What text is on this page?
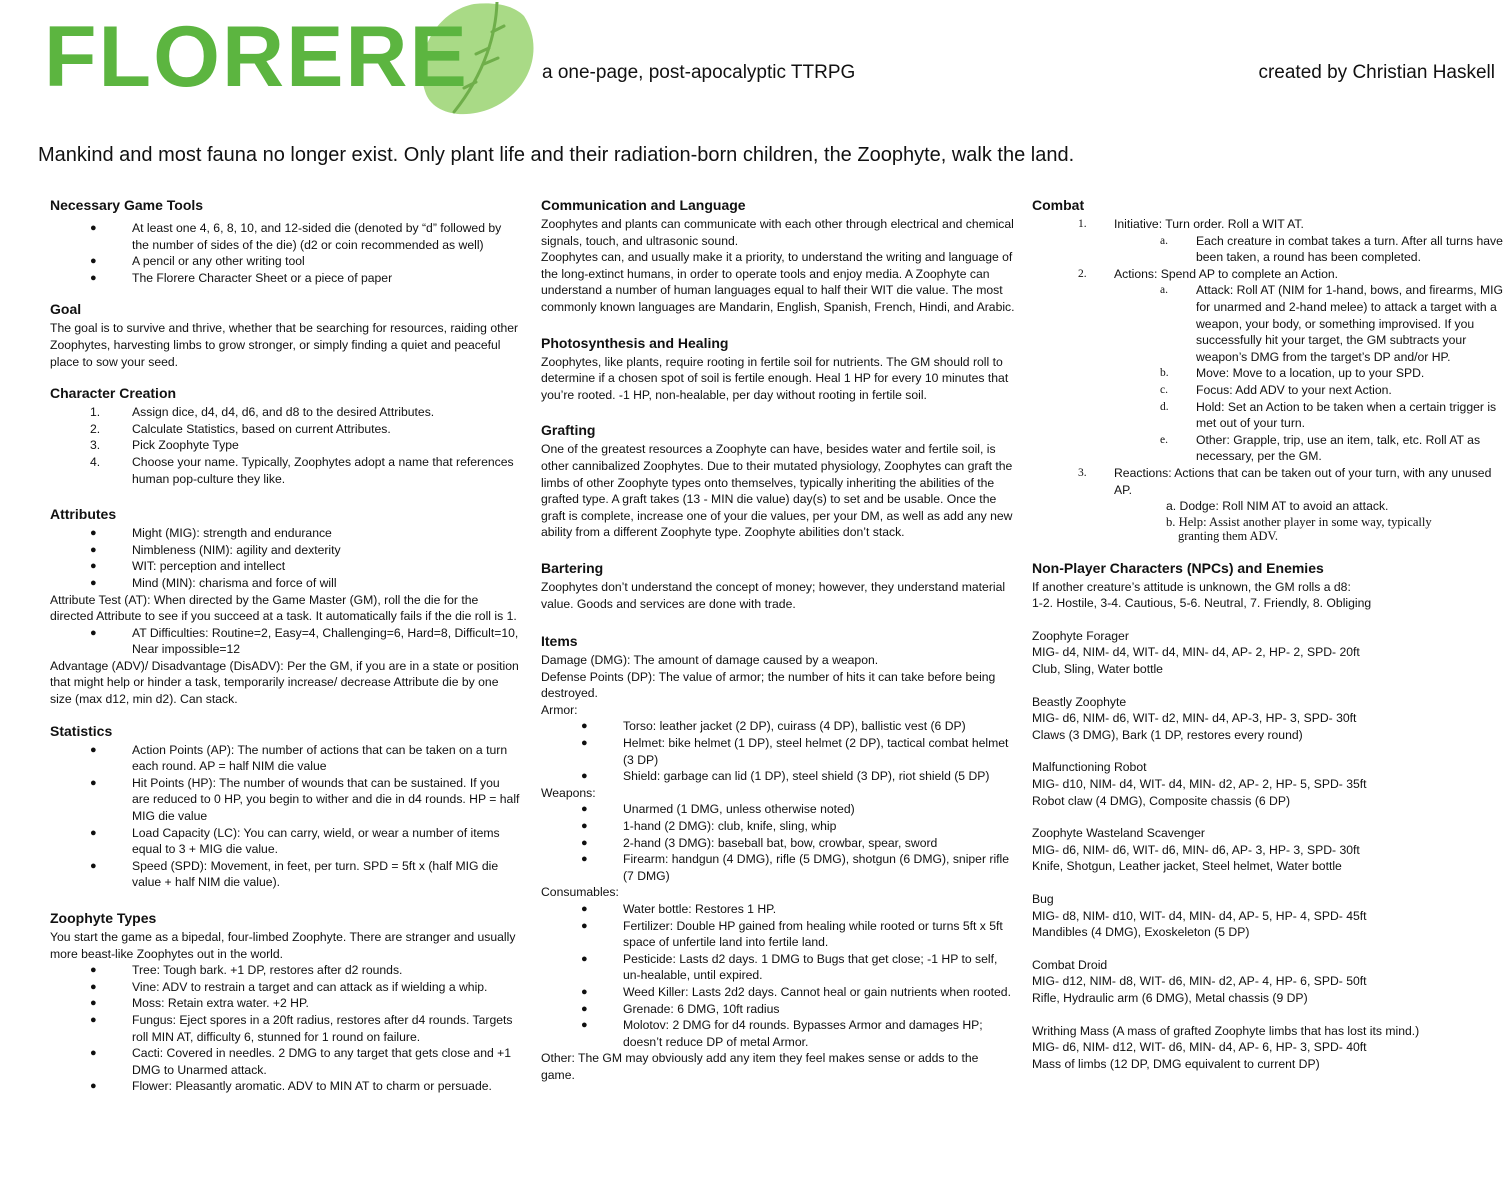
FLORERE	a one-page, post-apocalyptic TTRPG	created by Christian Haskell
Mankind and most fauna no longer exist. Only plant life and their radiation-born children, the Zoophyte, walk the land.
Necessary Game Tools
● At least one 4, 6, 8, 10, and 12-sided die (denoted by “d” followed by the number of sides of the die) (d2 or coin recommended as well)
● A pencil or any other writing tool
● The Florere Character Sheet or a piece of paper
Goal

The goal is to survive and thrive, whether that be searching for resources, raiding other Zoophytes, harvesting limbs to grow stronger, or simply finding a quiet and peaceful place to sow your seed.

Character Creation
1.	Assign dice, d4, d4, d6, and d8 to the desired Attributes.
2.	Calculate Statistics, based on current Attributes.
3.	Pick Zoophyte Type
4.	Choose your name. Typically, Zoophytes adopt a name that references human pop-culture they like.
Attributes
● Might (MIG): strength and endurance
● Nimbleness (NIM): agility and dexterity
● WIT: perception and intellect
● Mind (MIN): charisma and force of will

Attribute Test (AT): When directed by the Game Master (GM), roll the die for the directed Attribute to see if you succeed at a task. It automatically fails if the die roll is 1.

● AT Difficulties: Routine=2, Easy=4, Challenging=6, Hard=8, Difficult=10, Near impossible=12

Advantage (ADV)/ Disadvantage (DisADV): Per the GM, if you are in a state or position that might help or hinder a task, temporarily increase/ decrease Attribute die by one size (max d12, min d2). Can stack.

Statistics
● Action Points (AP): The number of actions that can be taken on a turn each round. AP = half NIM die value
● Hit Points (HP): The number of wounds that can be sustained. If you are reduced to 0 HP, you begin to wither and die in d4 rounds. HP = half MIG die value
● Load Capacity (LC): You can carry, wield, or wear a number of items equal to 3 + MIG die value.
● Speed (SPD): Movement, in feet, per turn. SPD = 5ft x (half MIG die value + half NIM die value).
Zoophyte Types

You start the game as a bipedal, four-limbed Zoophyte. There are stranger and usually more beast-like Zoophytes out in the world.

● Tree: Tough bark. +1 DP, restores after d2 rounds.
● Vine: ADV to restrain a target and can attack as if wielding a whip.
● Moss: Retain extra water. +2 HP.
● Fungus: Eject spores in a 20ft radius, restores after d4 rounds. Targets roll MIN AT, difficulty 6, stunned for 1 round on failure.
● Cacti: Covered in needles. 2 DMG to any target that gets close and +1 DMG to Unarmed attack.
● Flower: Pleasantly aromatic. ADV to MIN AT to charm or persuade.
Communication and Language

Zoophytes and plants can communicate with each other through electrical and chemical signals, touch, and ultrasonic sound.
Zoophytes can, and usually make it a priority, to understand the writing and language of the long-extinct humans, in order to operate tools and enjoy media. A Zoophyte can understand a number of human languages equal to half their WIT die value. The most commonly known languages are Mandarin, English, Spanish, French, Hindi, and Arabic.

Photosynthesis and Healing

Zoophytes, like plants, require rooting in fertile soil for nutrients. The GM should roll to determine if a chosen spot of soil is fertile enough. Heal 1 HP for every 10 minutes that you’re rooted. -1 HP, non-healable, per day without rooting in fertile soil.

Grafting

One of the greatest resources a Zoophyte can have, besides water and fertile soil, is other cannibalized Zoophytes. Due to their mutated physiology, Zoophytes can graft the limbs of other Zoophyte types onto themselves, typically inheriting the abilities of the grafted type. A graft takes (13 - MIN die value) day(s) to set and be usable. Once the graft is complete, increase one of your die values, per your DM, as well as add any new ability from a different Zoophyte type. Zoophyte abilities don’t stack.

Bartering

Zoophytes don’t understand the concept of money; however, they understand material value. Goods and services are done with trade.

Items

Damage (DMG): The amount of damage caused by a weapon.

Defense Points (DP): The value of armor; the number of hits it can take before being destroyed.

Armor:

● Torso: leather jacket (2 DP), cuirass (4 DP), ballistic vest (6 DP)
● Helmet: bike helmet (1 DP), steel helmet (2 DP), tactical combat helmet (3 DP)
● Shield: garbage can lid (1 DP), steel shield (3 DP), riot shield (5 DP)

Weapons:

● Unarmed (1 DMG, unless otherwise noted)
● 1-hand (2 DMG): club, knife, sling, whip
● 2-hand (3 DMG): baseball bat, bow, crowbar, spear, sword
● Firearm: handgun (4 DMG), rifle (5 DMG), shotgun (6 DMG), sniper rifle (7 DMG)

Consumables:

● Water bottle: Restores 1 HP.
● Fertilizer: Double HP gained from healing while rooted or turns 5ft x 5ft space of unfertile land into fertile land.
● Pesticide: Lasts d2 days. 1 DMG to Bugs that get close; -1 HP to self, un-healable, until expired.
● Weed Killer: Lasts 2d2 days. Cannot heal or gain nutrients when rooted.
● Grenade: 6 DMG, 10ft radius
● Molotov: 2 DMG for d4 rounds. Bypasses Armor and damages HP; doesn’t reduce DP of metal Armor.

Other: The GM may obviously add any item they feel makes sense or adds to the game.

Combat
1. Initiative: Turn order. Roll a WIT AT.
a. Each creature in combat takes a turn. After all turns have been taken, a round has been completed.
2. Actions: Spend AP to complete an Action.
a. Attack: Roll AT (NIM for 1-hand, bows, and firearms, MIG for unarmed and 2-hand melee) to attack a target with a weapon, your body, or something improvised. If you successfully hit your target, the GM subtracts your weapon’s DMG from the target’s DP and/or HP.
b. Move: Move to a location, up to your SPD.
c. Focus: Add ADV to your next Action.
d. Hold: Set an Action to be taken when a certain trigger is met out of your turn.
e. Other: Grapple, trip, use an item, talk, etc. Roll AT as necessary, per the GM.
3. Reactions: Actions that can be taken out of your turn, with any unused AP.
a. Dodge: Roll NIM AT to avoid an attack.
b. Help: Assist another player in some way, typically
granting them ADV.
Non-Player Characters (NPCs) and Enemies

If another creature’s attitude is unknown, the GM rolls a d8:

1-2. Hostile, 3-4. Cautious, 5-6. Neutral, 7. Friendly, 8. Obliging

Zoophyte Forager

MIG- d4, NIM- d4, WIT- d4, MIN- d4, AP- 2, HP- 2, SPD- 20ft

Club, Sling, Water bottle

Beastly Zoophyte

MIG- d6, NIM- d6, WIT- d2, MIN- d4, AP-3, HP- 3, SPD- 30ft

Claws (3 DMG), Bark (1 DP, restores every round)

Malfunctioning Robot

MIG- d10, NIM- d4, WIT- d4, MIN- d2, AP- 2, HP- 5, SPD- 35ft

Robot claw (4 DMG), Composite chassis (6 DP)

Zoophyte Wasteland Scavenger

MIG- d6, NIM- d6, WIT- d6, MIN- d6, AP- 3, HP- 3, SPD- 30ft

Knife, Shotgun, Leather jacket, Steel helmet, Water bottle

Bug

MIG- d8, NIM- d10, WIT- d4, MIN- d4, AP- 5, HP- 4, SPD- 45ft

Mandibles (4 DMG), Exoskeleton (5 DP)

Combat Droid

MIG- d12, NIM- d8, WIT- d6, MIN- d2, AP- 4, HP- 6, SPD- 50ft

Rifle, Hydraulic arm (6 DMG), Metal chassis (9 DP)

Writhing Mass (A mass of grafted Zoophyte limbs that has lost its mind.)

MIG- d6, NIM- d12, WIT- d6, MIN- d4, AP- 6, HP- 3, SPD- 40ft

Mass of limbs (12 DP, DMG equivalent to current DP)
